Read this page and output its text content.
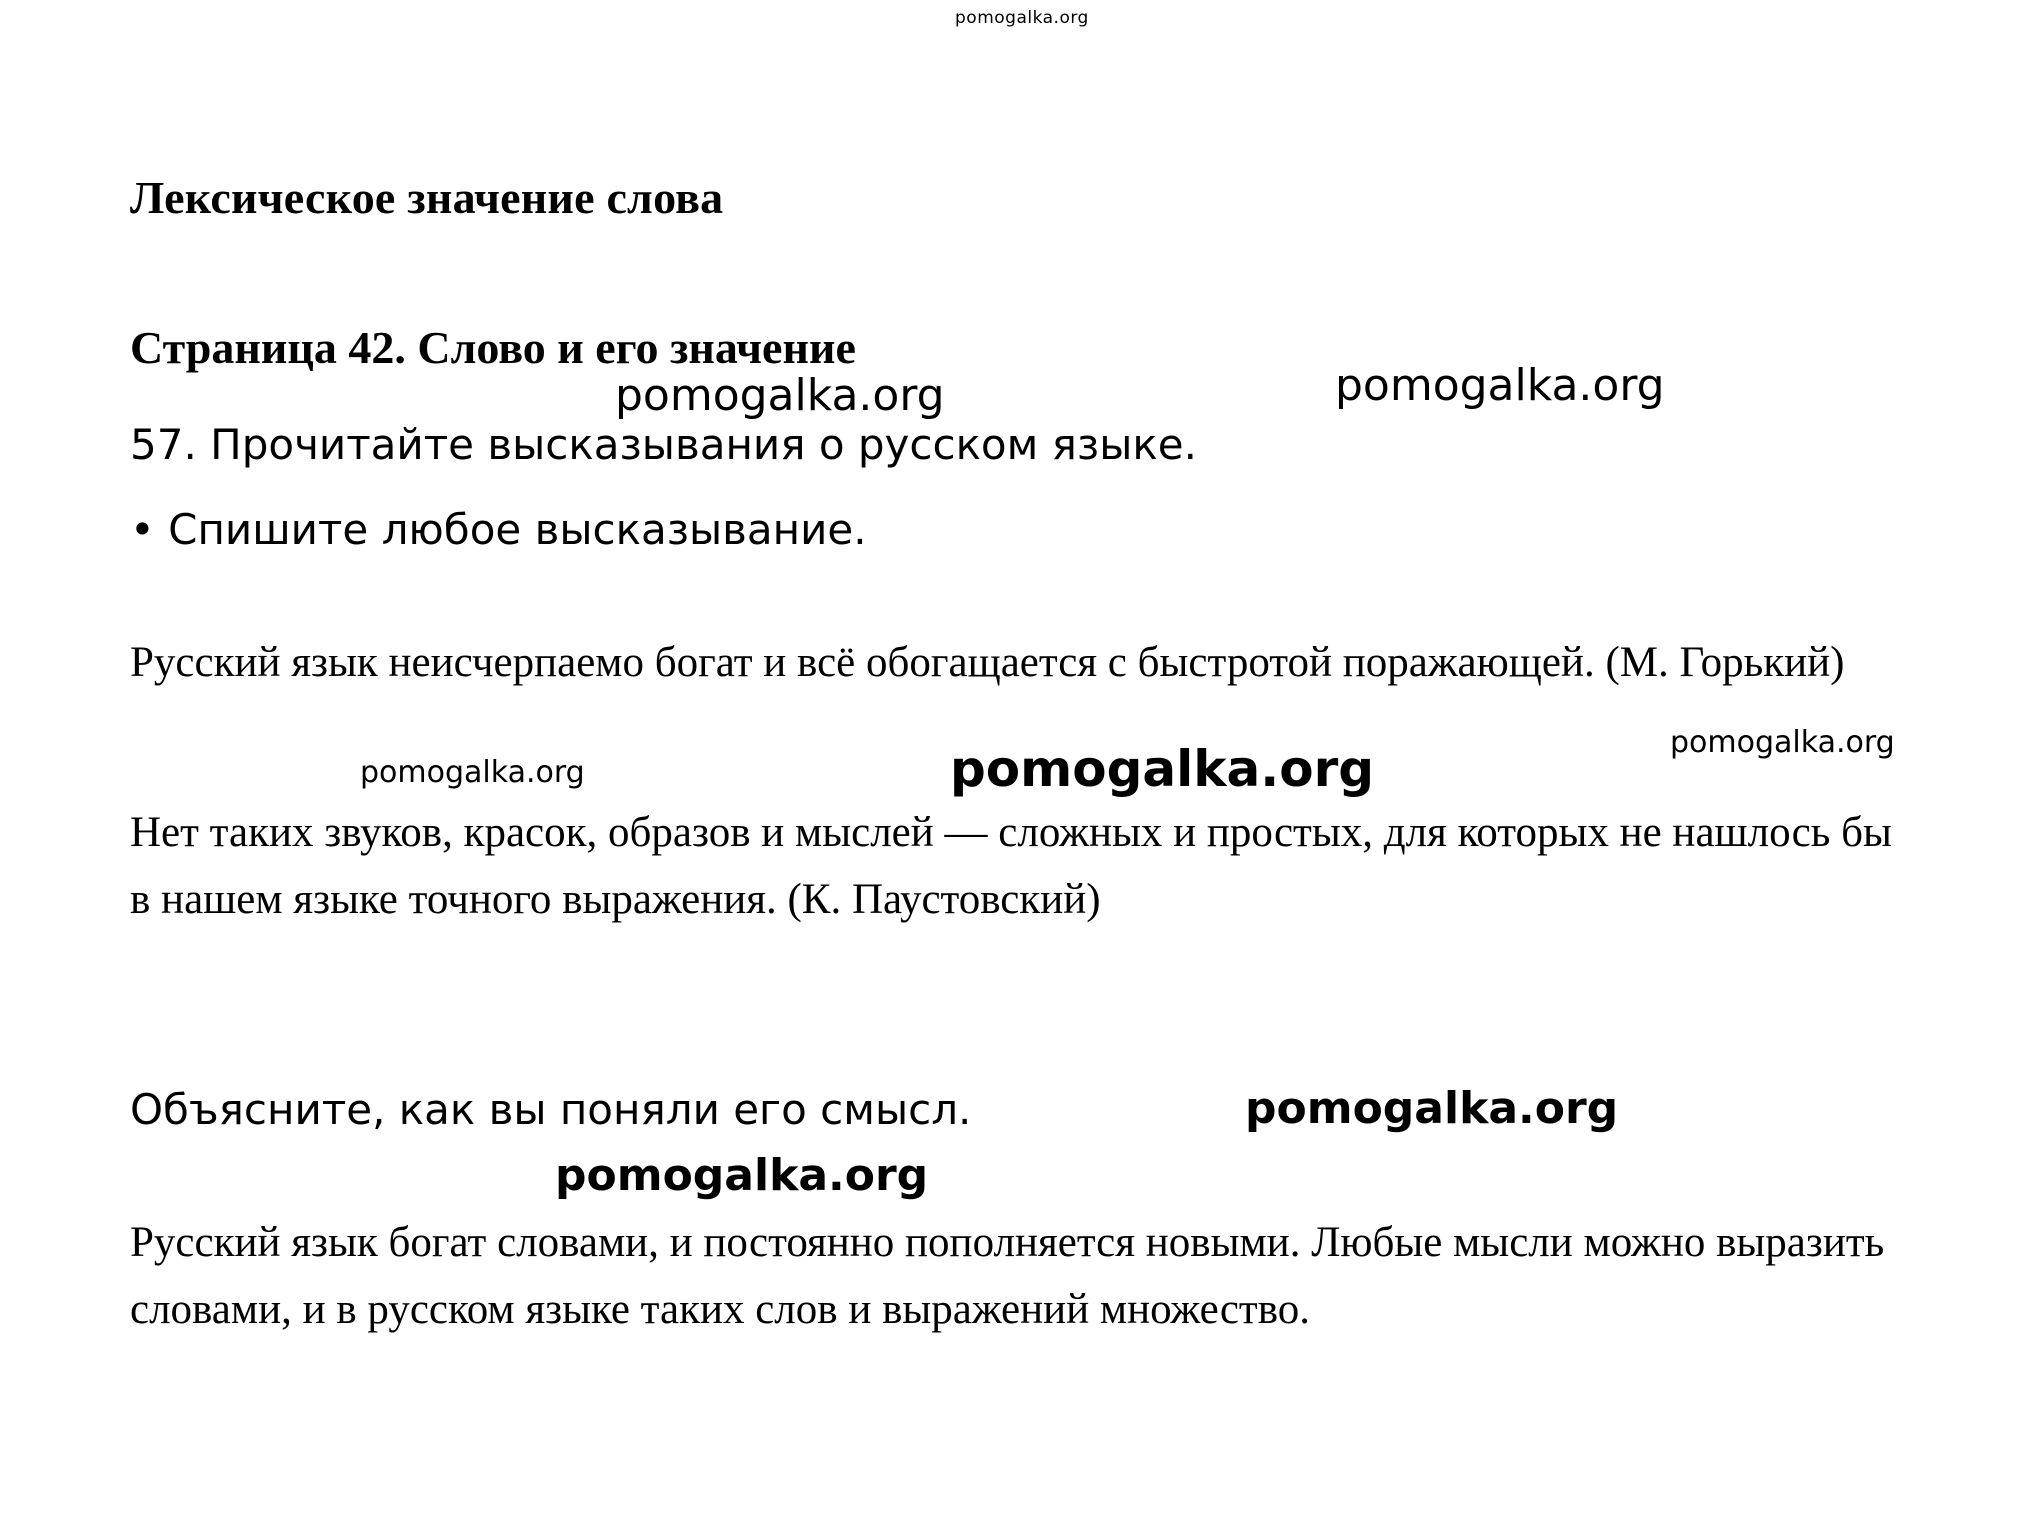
pomogalka.org
Лексическое значение слова
Страница 42. Слово и его значение
57. Прочитайте высказывания о русском языке.
• Спишите любое высказывание.
Русский язык неисчерпаемо богат и всё обогащается с быстротой поражающей. (М. Горький)
Нет таких звуков, красок, образов и мыслей — сложных и простых, для которых не нашлось бы в нашем языке точного выражения. (К. Паустовский)
Объясните, как вы поняли его смысл.
Русский язык богат словами, и постоянно пополняется новыми. Любые мысли можно выразить словами, и в русском языке таких слов и выражений множество.
pomogalka.org	pomogalka.org
pomogalka.org	pomogalka.org	pomogalka.org
pomogalka.org
pomogalka.org
